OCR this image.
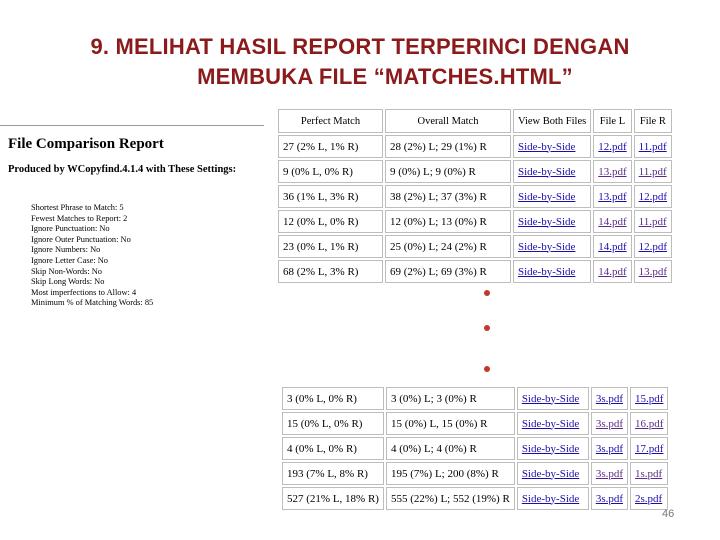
9. MELIHAT HASIL REPORT TERPERINCI DENGAN
MEMBUKA FILE “MATCHES.HTML”
File Comparison Report
Produced by WCopyfind.4.1.4 with These Settings:
Shortest Phrase to Match: 5
Fewest Matches to Report: 2
Ignore Punctuation: No
Ignore Outer Punctuation: No
Ignore Numbers: No
Ignore Letter Case: No
Skip Non-Words: No
Skip Long Words: No
Most imperfections to Allow: 4
Minimum % of Matching Words: 85
Perfect Match	Overall Match	View Both Files	File L	File R
27 (2% L, 1% R)	28 (2%) L; 29 (1%) R	Side-by-Side	12.pdf	11.pdf
9 (0% L, 0% R)	9 (0%) L; 9 (0%) R	Side-by-Side	13.pdf	11.pdf
36 (1% L, 3% R)	38 (2%) L; 37 (3%) R	Side-by-Side	13.pdf	12.pdf
12 (0% L, 0% R)	12 (0%) L; 13 (0%) R	Side-by-Side	14.pdf	11.pdf
23 (0% L, 1% R)	25 (0%) L; 24 (2%) R	Side-by-Side	14.pdf	12.pdf
68 (2% L, 3% R)	69 (2%) L; 69 (3%) R	Side-by-Side	14.pdf	13.pdf
3 (0% L, 0% R)	3 (0%) L; 3 (0%) R	Side-by-Side	3s.pdf	15.pdf
15 (0% L, 0% R)	15 (0%) L, 15 (0%) R	Side-by-Side	3s.pdf	16.pdf
4 (0% L, 0% R)	4 (0%) L; 4 (0%) R	Side-by-Side	3s.pdf	17.pdf
193 (7% L, 8% R)	195 (7%) L; 200 (8%) R	Side-by-Side	3s.pdf	1s.pdf
527 (21% L, 18% R)	555 (22%) L; 552 (19%) R	Side-by-Side	3s.pdf	2s.pdf
46
